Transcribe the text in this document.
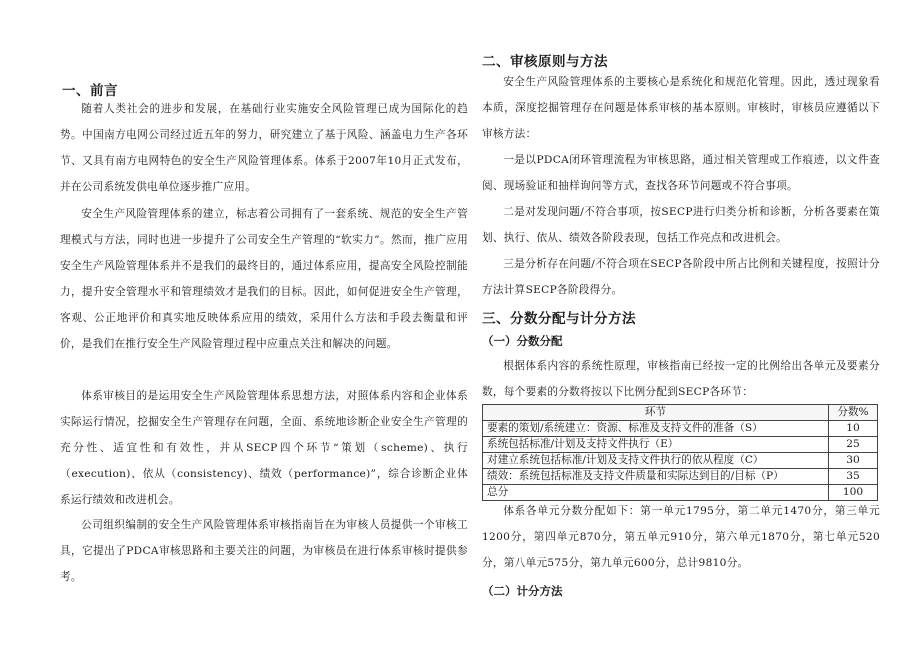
一、前言

随着人类社会的进步和发展，在基础行业实施安全风险管理已成为国际化的趋势。中国南方电网公司经过近五年的努力，研究建立了基于风险、涵盖电力生产各环节、又具有南方电网特色的安全生产风险管理体系。体系于2007年10月正式发布，并在公司系统发供电单位逐步推广应用。

安全生产风险管理体系的建立，标志着公司拥有了一套系统、规范的安全生产管理模式与方法，同时也进一步提升了公司安全生产管理的“软实力”。然而，推广应用安全生产风险管理体系并不是我们的最终目的，通过体系应用，提高安全风险控制能力，提升安全管理水平和管理绩效才是我们的目标。因此，如何促进安全生产管理，客观、公正地评价和真实地反映体系应用的绩效，采用什么方法和手段去衡量和评价，是我们在推行安全生产风险管理过程中应重点关注和解决的问题。

体系审核目的是运用安全生产风险管理体系思想方法，对照体系内容和企业体系实际运行情况，挖掘安全生产管理存在问题，全面、系统地诊断企业安全生产管理的充分性、适宜性和有效性，并从SECP四个环节“策划（scheme)、执行（execution)、依从（consistency)、绩效（performance)”，综合诊断企业体系运行绩效和改进机会。

公司组织编制的安全生产风险管理体系审核指南旨在为审核人员提供一个审核工具，它提出了PDCA审核思路和主要关注的问题，为审核员在进行体系审核时提供参考。

二、审核原则与方法

安全生产风险管理体系的主要核心是系统化和规范化管理。因此，透过现象看本质，深度挖掘管理存在问题是体系审核的基本原则。审核时，审核员应遵循以下审核方法：

一是以PDCA闭环管理流程为审核思路，通过相关管理或工作痕迹，以文件查阅、现场验证和抽样询问等方式，查找各环节问题或不符合事项。

二是对发现问题/不符合事项，按SECP进行归类分析和诊断，分析各要素在策划、执行、依从、绩效各阶段表现，包括工作亮点和改进机会。

三是分析存在问题/不符合项在SECP各阶段中所占比例和关键程度，按照计分方法计算SECP各阶段得分。

三、分数分配与计分方法
（一）分数分配

根据体系内容的系统性原理，审核指南已经按一定的比例给出各单元及要素分数，每个要素的分数将按以下比例分配到SECP各环节：

环节	分数%
要素的策划/系统建立：资源、标准及支持文件的准备（S）	10
系统包括标准/计划及支持文件执行（E）	25
对建立系统包括标准/计划及支持文件执行的依从程度（C）	30
绩效：系统包括标准及支持文件质量和实际达到目的/目标（P）	35
总分	100

体系各单元分数分配如下：第一单元1795分，第二单元1470分，第三单元1200分，第四单元870分，第五单元910分，第六单元1870分，第七单元520分，第八单元575分，第九单元600分，总计9810分。

（二）计分方法
